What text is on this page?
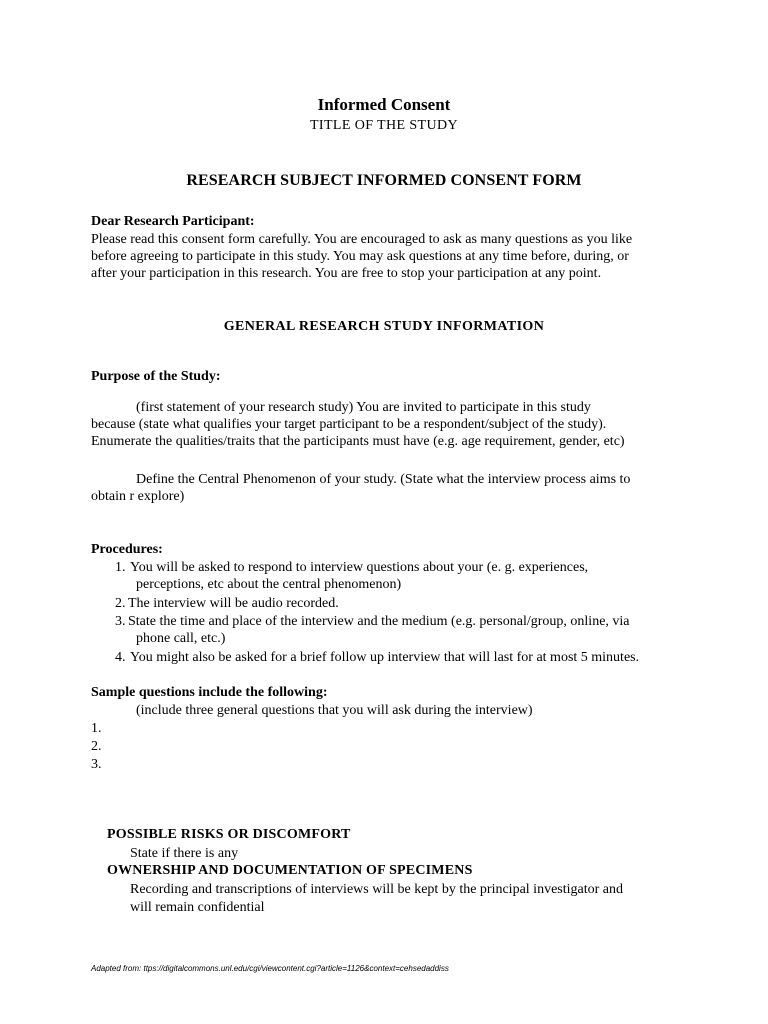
Informed Consent
TITLE OF THE STUDY
RESEARCH SUBJECT INFORMED CONSENT FORM
Dear Research Participant:
Please read this consent form carefully. You are encouraged to ask as many questions as you like
before agreeing to participate in this study. You may ask questions at any time before, during, or
after your participation in this research. You are free to stop your participation at any point.
GENERAL RESEARCH STUDY INFORMATION
Purpose of the Study:
(first statement of your research study) You are invited to participate in this study
because (state what qualifies your target participant to be a respondent/subject of the study).
Enumerate the qualities/traits that the participants must have (e.g. age requirement, gender, etc)
Define the Central Phenomenon of your study. (State what the interview process aims to
obtain r explore)
Procedures:
1. You will be asked to respond to interview questions about your (e. g. experiences,
perceptions, etc about the central phenomenon)
2. The interview will be audio recorded.
3. State the time and place of the interview and the medium (e.g. personal/group, online, via
phone call, etc.)
4. You might also be asked for a brief follow up interview that will last for at most 5 minutes.
Sample questions include the following:
(include three general questions that you will ask during the interview)
1.
2.
3.
POSSIBLE RISKS OR DISCOMFORT
State if there is any
OWNERSHIP AND DOCUMENTATION OF SPECIMENS
Recording and transcriptions of interviews will be kept by the principal investigator and
will remain confidential
Adapted from: ttps://digitalcommons.unl.edu/cgi/viewcontent.cgi?article=1126&context=cehsedaddiss
